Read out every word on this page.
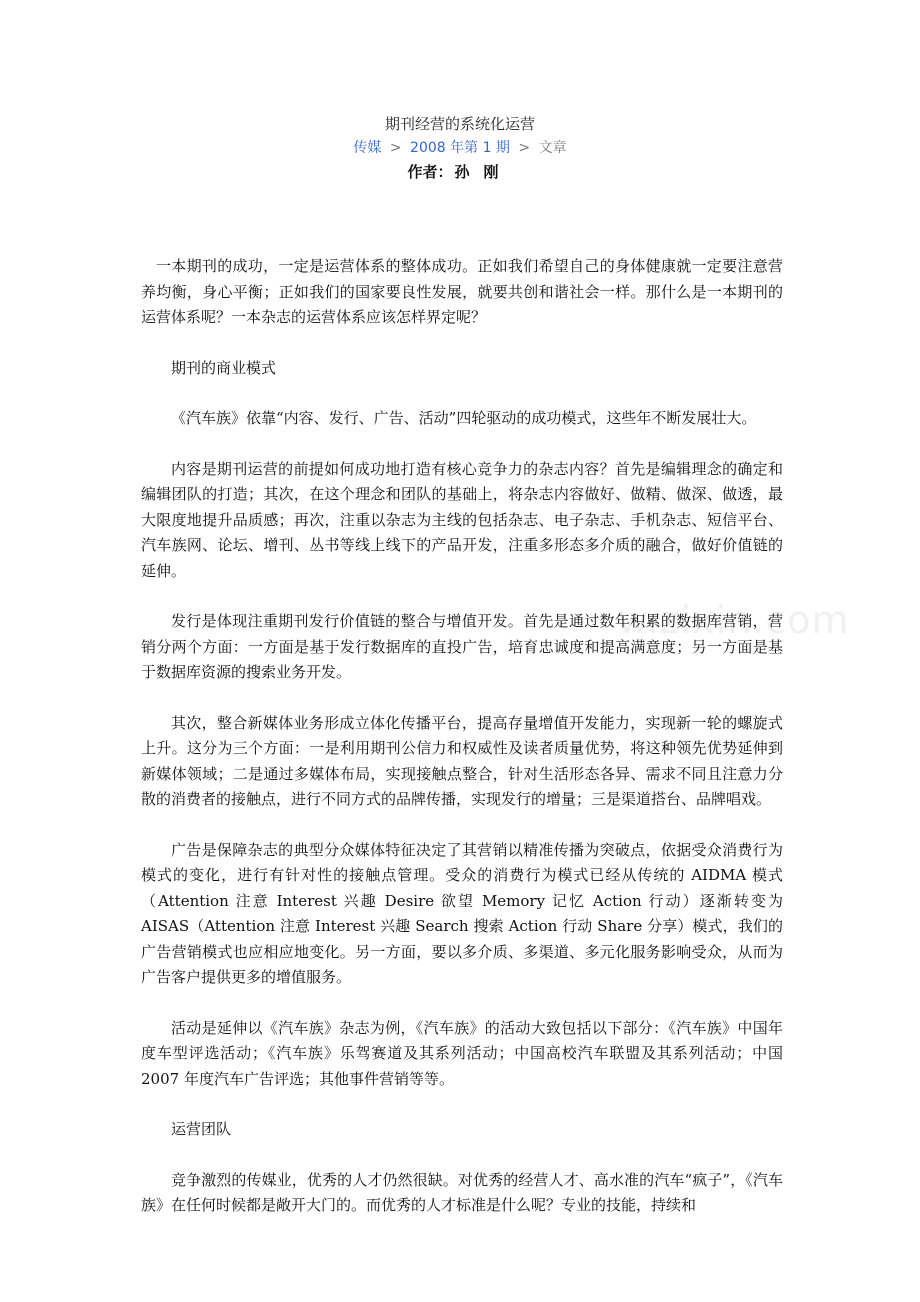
期刊经营的系统化运营
传媒 > 2008 年第 1 期 > 文章
作者： 孙刚

一本期刊的成功，一定是运营体系的整体成功。正如我们希望自己的身体健康就一定要注意营养均衡，身心平衡；正如我们的国家要良性发展，就要共创和谐社会一样。那什么是一本期刊的运营体系呢？一本杂志的运营体系应该怎样界定呢？

期刊的商业模式

《汽车族》依靠“内容、发行、广告、活动”四轮驱动的成功模式，这些年不断发展壮大。

内容是期刊运营的前提如何成功地打造有核心竞争力的杂志内容？首先是编辑理念的确定和编辑团队的打造；其次，在这个理念和团队的基础上，将杂志内容做好、做精、做深、做透，最大限度地提升品质感；再次，注重以杂志为主线的包括杂志、电子杂志、手机杂志、短信平台、汽车族网、论坛、增刊、丛书等线上线下的产品开发，注重多形态多介质的融合，做好价值链的延伸。

发行是体现注重期刊发行价值链的整合与增值开发。首先是通过数年积累的数据库营销，营销分两个方面：一方面是基于发行数据库的直投广告，培育忠诚度和提高满意度；另一方面是基于数据库资源的搜索业务开发。

其次，整合新媒体业务形成立体化传播平台，提高存量增值开发能力，实现新一轮的螺旋式上升。这分为三个方面：一是利用期刊公信力和权威性及读者质量优势，将这种领先优势延伸到新媒体领域；二是通过多媒体布局，实现接触点整合，针对生活形态各异、需求不同且注意力分散的消费者的接触点，进行不同方式的品牌传播，实现发行的增量；三是渠道搭台、品牌唱戏。

广告是保障杂志的典型分众媒体特征决定了其营销以精准传播为突破点，依据受众消费行为模式的变化，进行有针对性的接触点管理。受众的消费行为模式已经从传统的 AIDMA 模式（Attention 注意 Interest 兴趣 Desire 欲望 Memory 记忆 Action 行动）逐渐转变为 AISAS（Attention 注意 Interest 兴趣 Search 搜索 Action 行动 Share 分享）模式，我们的广告营销模式也应相应地变化。另一方面，要以多介质、多渠道、多元化服务影响受众，从而为广告客户提供更多的增值服务。

活动是延伸以《汽车族》杂志为例，《汽车族》的活动大致包括以下部分：《汽车族》中国年度车型评选活动；《汽车族》乐驾赛道及其系列活动；中国高校汽车联盟及其系列活动；中国 2007 年度汽车广告评选；其他事件营销等等。

运营团队

竞争激烈的传媒业，优秀的人才仍然很缺。对优秀的经营人才、高水准的汽车“疯子”，《汽车族》在任何时候都是敞开大门的。而优秀的人才标准是什么呢？专业的技能，持续和

w.zixin.com
